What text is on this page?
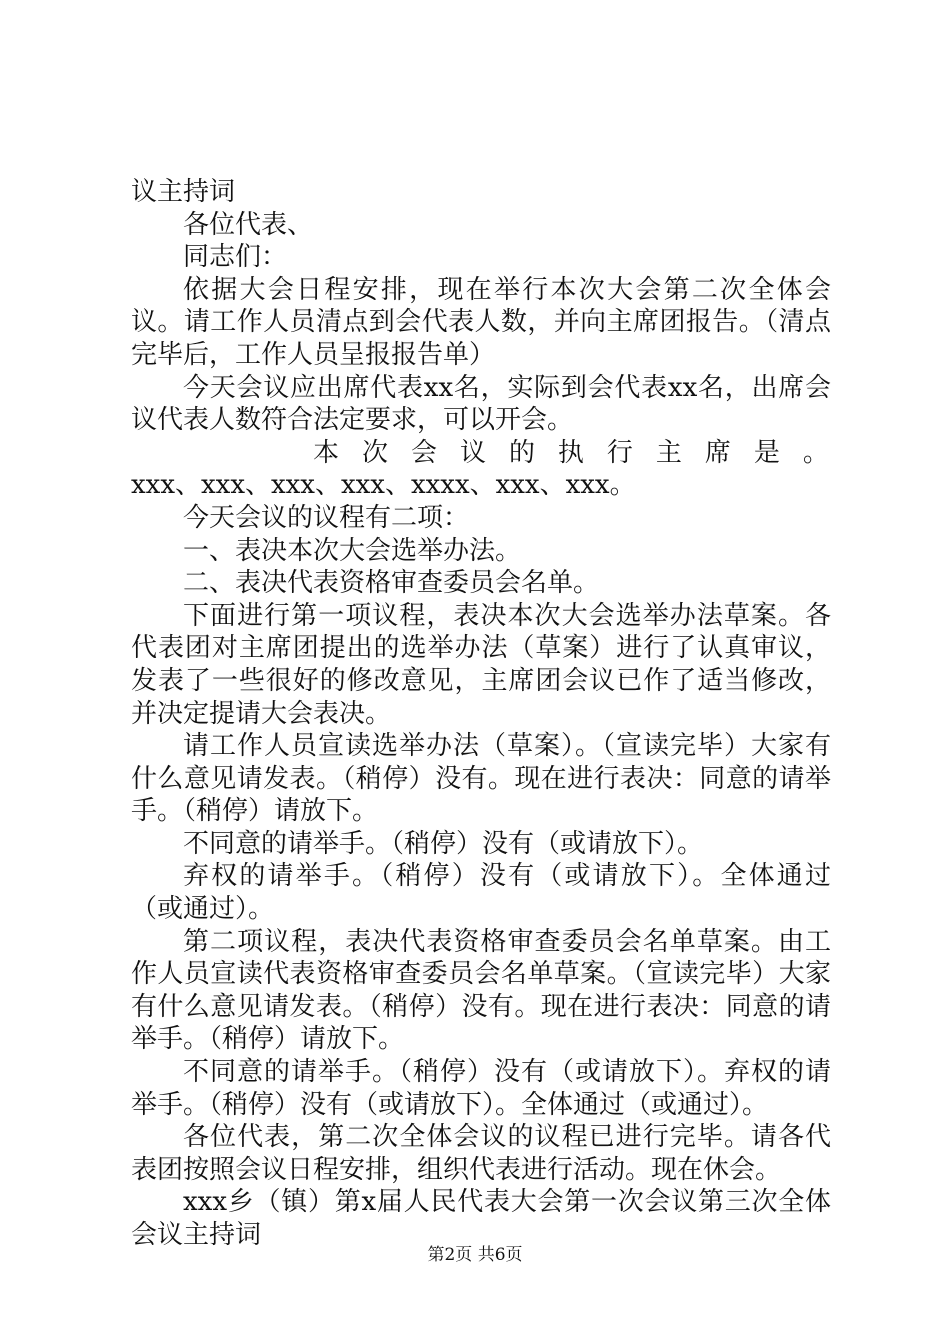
议主持词

各位代表、

同志们：

依据大会日程安排，现在举行本次大会第二次全体会议。请工作人员清点到会代表人数，并向主席团报告。（清点完毕后，工作人员呈报报告单）

今天会议应出席代表xx名，实际到会代表xx名，出席会议代表人数符合法定要求，可以开会。

本 次 会 议 的 执 行 主 席 是 。

xxx、xxx、xxx、xxx、xxxx、xxx、xxx。

今天会议的议程有二项：

一、表决本次大会选举办法。

二、表决代表资格审查委员会名单。

下面进行第一项议程，表决本次大会选举办法草案。各代表团对主席团提出的选举办法（草案）进行了认真审议，发表了一些很好的修改意见，主席团会议已作了适当修改，并决定提请大会表决。

请工作人员宣读选举办法（草案）。（宣读完毕）大家有什么意见请发表。（稍停）没有。现在进行表决：同意的请举手。（稍停）请放下。

不同意的请举手。（稍停）没有（或请放下）。

弃权的请举手。（稍停）没有（或请放下）。全体通过（或通过）。

第二项议程，表决代表资格审查委员会名单草案。由工作人员宣读代表资格审查委员会名单草案。（宣读完毕）大家有什么意见请发表。（稍停）没有。现在进行表决：同意的请举手。（稍停）请放下。

不同意的请举手。（稍停）没有（或请放下）。弃权的请举手。（稍停）没有（或请放下）。全体通过（或通过）。

各位代表，第二次全体会议的议程已进行完毕。请各代表团按照会议日程安排，组织代表进行活动。现在休会。

xxx乡（镇）第x届人民代表大会第一次会议第三次全体会议主持词

第2页 共6页
